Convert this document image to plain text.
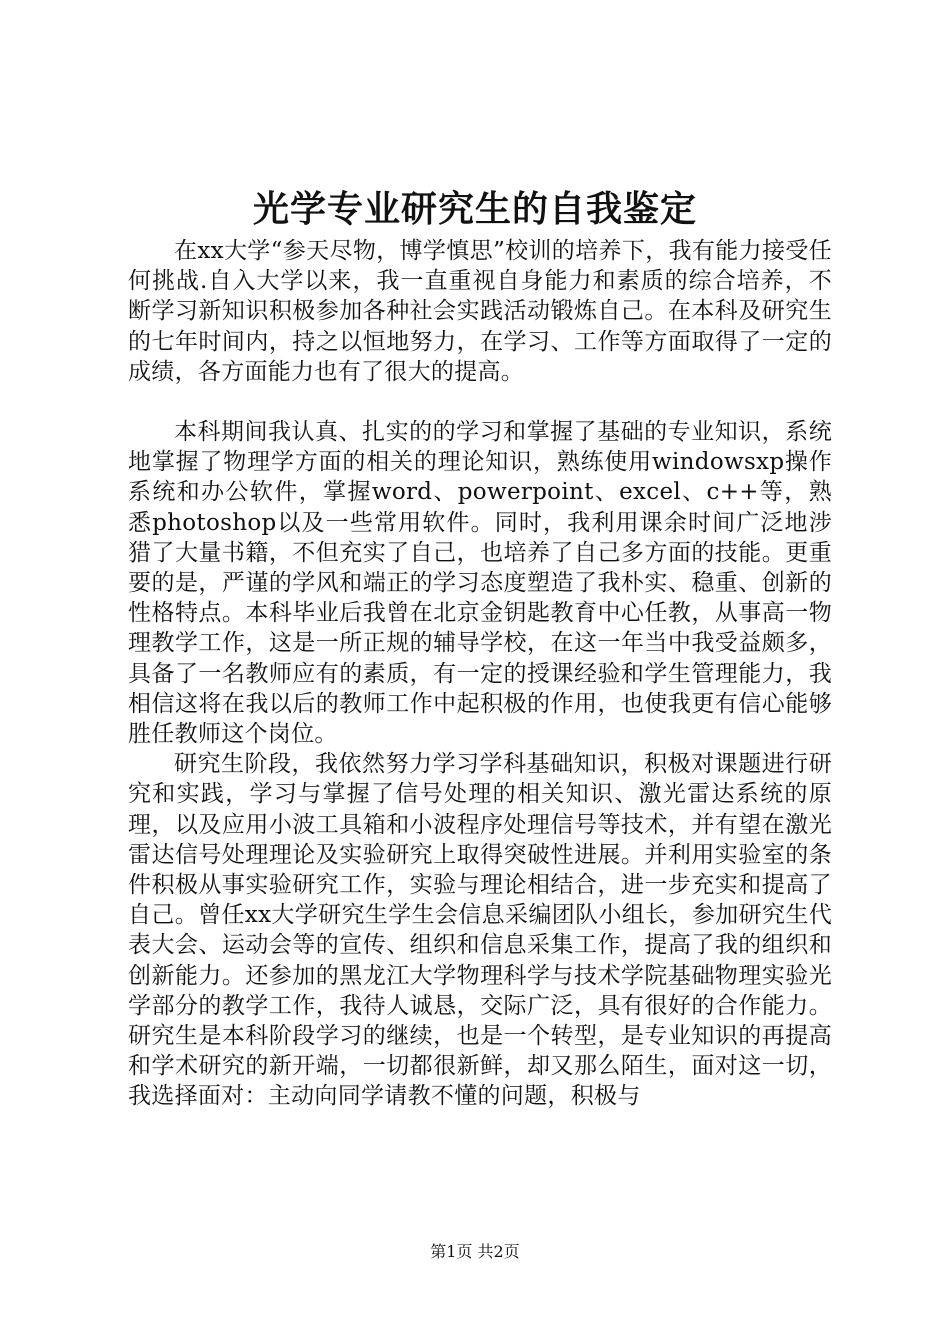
光学专业研究生的自我鉴定

在xx大学“参天尽物，博学慎思”校训的培养下，我有能力接受任何挑战.自入大学以来，我一直重视自身能力和素质的综合培养，不断学习新知识积极参加各种社会实践活动锻炼自己。在本科及研究生的七年时间内，持之以恒地努力，在学习、工作等方面取得了一定的成绩，各方面能力也有了很大的提高。

本科期间我认真、扎实的的学习和掌握了基础的专业知识，系统地掌握了物理学方面的相关的理论知识，熟练使用windowsxp操作系统和办公软件，掌握word、powerpoint、excel、c++等，熟悉photoshop以及一些常用软件。同时，我利用课余时间广泛地涉猎了大量书籍，不但充实了自己，也培养了自己多方面的技能。更重要的是，严谨的学风和端正的学习态度塑造了我朴实、稳重、创新的性格特点。本科毕业后我曾在北京金钥匙教育中心任教，从事高一物理教学工作，这是一所正规的辅导学校，在这一年当中我受益颇多，具备了一名教师应有的素质，有一定的授课经验和学生管理能力，我相信这将在我以后的教师工作中起积极的作用，也使我更有信心能够胜任教师这个岗位。

研究生阶段，我依然努力学习学科基础知识，积极对课题进行研究和实践，学习与掌握了信号处理的相关知识、激光雷达系统的原理，以及应用小波工具箱和小波程序处理信号等技术，并有望在激光雷达信号处理理论及实验研究上取得突破性进展。并利用实验室的条件积极从事实验研究工作，实验与理论相结合，进一步充实和提高了自己。曾任xx大学研究生学生会信息采编团队小组长，参加研究生代表大会、运动会等的宣传、组织和信息采集工作，提高了我的组织和创新能力。还参加的黑龙江大学物理科学与技术学院基础物理实验光学部分的教学工作，我待人诚恳，交际广泛，具有很好的合作能力。研究生是本科阶段学习的继续，也是一个转型，是专业知识的再提高和学术研究的新开端，一切都很新鲜，却又那么陌生，面对这一切，我选择面对：主动向同学请教不懂的问题，积极与

第1页 共2页
